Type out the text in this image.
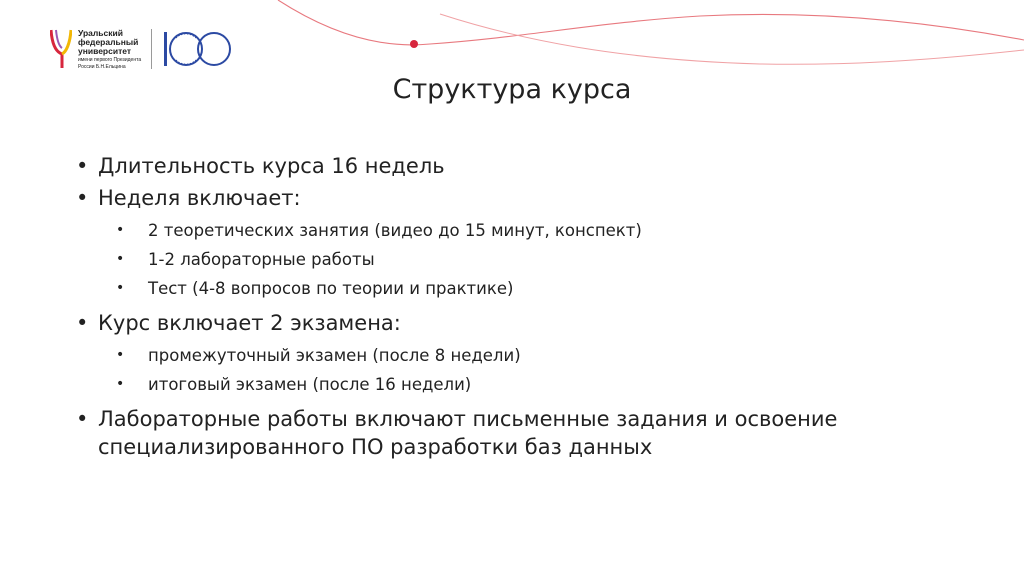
Уральский
федеральный
университет
имени первого Президента
России Б.Н.Ельцина
Структура курса
• Длительность курса 16 недель
• Неделя включает:
• 2 теоретических занятия (видео до 15 минут, конспект)
• 1-2 лабораторные работы
• Тест (4-8 вопросов по теории и практике)
• Курс включает 2 экзамена:
• промежуточный экзамен (после 8 недели)
• итоговый экзамен (после 16 недели)
• Лабораторные работы включают письменные задания и освоение специализированного ПО разработки баз данных
